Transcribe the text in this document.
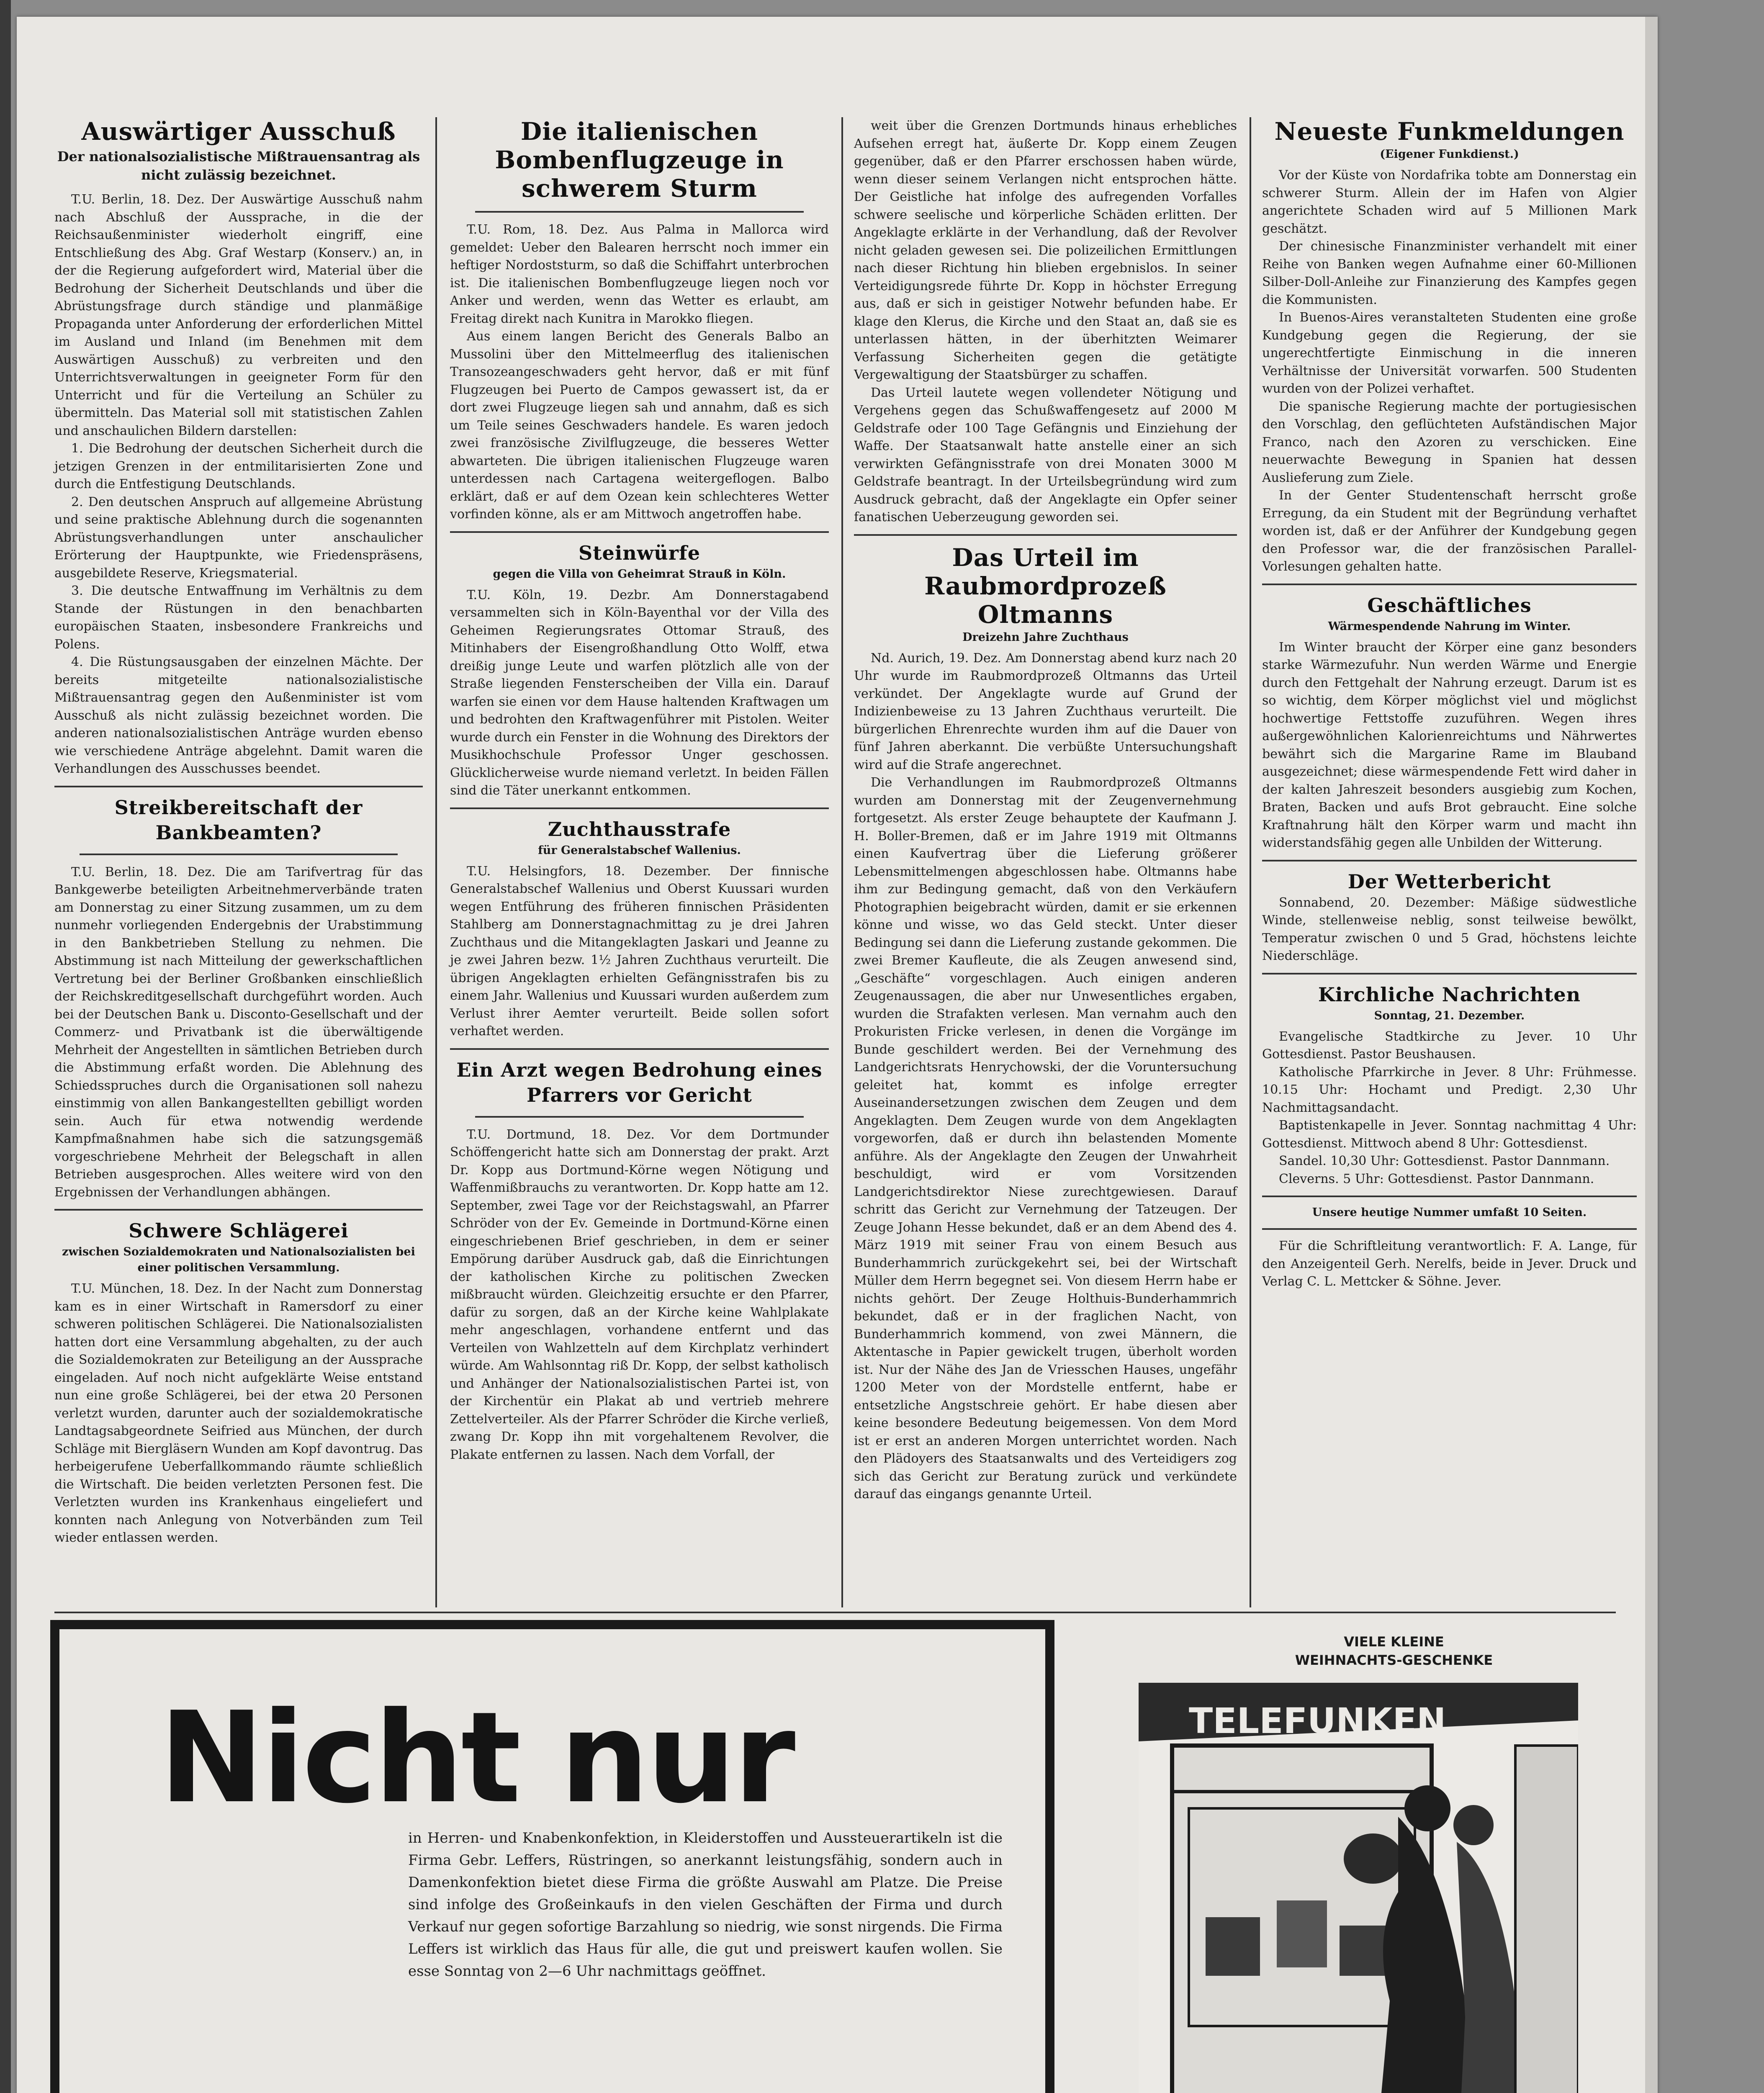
Auswärtiger Ausschuß
Der nationalsozialistische Mißtrauensantrag als nicht zulässig bezeichnet.

T.U. Berlin, 18. Dez. Der Auswärtige Ausschuß nahm nach Abschluß der Aussprache, in die der Reichsaußenminister wiederholt eingriff, eine Entschließung des Abg. Graf Westarp (Konserv.) an, in der die Regierung aufgefordert wird, Material über die Bedrohung der Sicherheit Deutschlands und über die Abrüstungsfrage durch ständige und planmäßige Propaganda unter Anforderung der erforderlichen Mittel im Ausland und Inland (im Benehmen mit dem Auswärtigen Ausschuß) zu verbreiten und den Unterrichtsverwaltungen in geeigneter Form für den Unterricht und für die Verteilung an Schüler zu übermitteln. Das Material soll mit statistischen Zahlen und anschaulichen Bildern darstellen:

1. Die Bedrohung der deutschen Sicherheit durch die jetzigen Grenzen in der entmilitarisierten Zone und durch die Entfestigung Deutschlands.

2. Den deutschen Anspruch auf allgemeine Abrüstung und seine praktische Ablehnung durch die sogenannten Abrüstungsverhandlungen unter anschaulicher Erörterung der Hauptpunkte, wie Friedenspräsens, ausgebildete Reserve, Kriegsmaterial.

3. Die deutsche Entwaffnung im Verhältnis zu dem Stande der Rüstungen in den benachbarten europäischen Staaten, insbesondere Frankreichs und Polens.

4. Die Rüstungsausgaben der einzelnen Mächte. Der bereits mitgeteilte nationalsozialistische Mißtrauensantrag gegen den Außenminister ist vom Ausschuß als nicht zulässig bezeichnet worden. Die anderen nationalsozialistischen Anträge wurden ebenso wie verschiedene Anträge abgelehnt. Damit waren die Verhandlungen des Ausschusses beendet.

Streikbereitschaft der Bankbeamten?

T.U. Berlin, 18. Dez. Die am Tarifvertrag für das Bankgewerbe beteiligten Arbeitnehmerverbände traten am Donnerstag zu einer Sitzung zusammen, um zu dem nunmehr vorliegenden Endergebnis der Urabstimmung in den Bankbetrieben Stellung zu nehmen. Die Abstimmung ist nach Mitteilung der gewerkschaftlichen Vertretung bei der Berliner Großbanken einschließlich der Reichskreditgesellschaft durchgeführt worden. Auch bei der Deutschen Bank u. Disconto-Gesellschaft und der Commerz- und Privatbank ist die überwältigende Mehrheit der Angestellten in sämtlichen Betrieben durch die Abstimmung erfaßt worden. Die Ablehnung des Schiedsspruches durch die Organisationen soll nahezu einstimmig von allen Bankangestellten gebilligt worden sein. Auch für etwa notwendig werdende Kampfmaßnahmen habe sich die satzungsgemäß vorgeschriebene Mehrheit der Belegschaft in allen Betrieben ausgesprochen. Alles weitere wird von den Ergebnissen der Verhandlungen abhängen.

Schwere Schlägerei
zwischen Sozialdemokraten und Nationalsozialisten bei einer politischen Versammlung.

T.U. München, 18. Dez. In der Nacht zum Donnerstag kam es in einer Wirtschaft in Ramersdorf zu einer schweren politischen Schlägerei. Die Nationalsozialisten hatten dort eine Versammlung abgehalten, zu der auch die Sozialdemokraten zur Beteiligung an der Aussprache eingeladen. Auf noch nicht aufgeklärte Weise entstand nun eine große Schlägerei, bei der etwa 20 Personen verletzt wurden, darunter auch der sozialdemokratische Landtagsabgeordnete Seifried aus München, der durch Schläge mit Biergläsern Wunden am Kopf davontrug. Das herbeigerufene Ueberfallkommando räumte schließlich die Wirtschaft. Die beiden verletzten Personen fest. Die Verletzten wurden ins Krankenhaus eingeliefert und konnten nach Anlegung von Notverbänden zum Teil wieder entlassen werden.

Die italienischen Bombenflugzeuge in schwerem Sturm

T.U. Rom, 18. Dez. Aus Palma in Mallorca wird gemeldet: Ueber den Balearen herrscht noch immer ein heftiger Nordoststurm, so daß die Schiffahrt unterbrochen ist. Die italienischen Bombenflugzeuge liegen noch vor Anker und werden, wenn das Wetter es erlaubt, am Freitag direkt nach Kunitra in Marokko fliegen.

Aus einem langen Bericht des Generals Balbo an Mussolini über den Mittelmeerflug des italienischen Transozeangeschwaders geht hervor, daß er mit fünf Flugzeugen bei Puerto de Campos gewassert ist, da er dort zwei Flugzeuge liegen sah und annahm, daß es sich um Teile seines Geschwaders handele. Es waren jedoch zwei französische Zivilflugzeuge, die besseres Wetter abwarteten. Die übrigen italienischen Flugzeuge waren unterdessen nach Cartagena weitergeflogen. Balbo erklärt, daß er auf dem Ozean kein schlechteres Wetter vorfinden könne, als er am Mittwoch angetroffen habe.

Steinwürfe
gegen die Villa von Geheimrat Strauß in Köln.

T.U. Köln, 19. Dezbr. Am Donnerstagabend versammelten sich in Köln-Bayenthal vor der Villa des Geheimen Regierungsrates Ottomar Strauß, des Mitinhabers der Eisengroßhandlung Otto Wolff, etwa dreißig junge Leute und warfen plötzlich alle von der Straße liegenden Fensterscheiben der Villa ein. Darauf warfen sie einen vor dem Hause haltenden Kraftwagen um und bedrohten den Kraftwagenführer mit Pistolen. Weiter wurde durch ein Fenster in die Wohnung des Direktors der Musikhochschule Professor Unger geschossen. Glücklicherweise wurde niemand verletzt. In beiden Fällen sind die Täter unerkannt entkommen.

Zuchthausstrafe
für Generalstabschef Wallenius.

T.U. Helsingfors, 18. Dezember. Der finnische Generalstabschef Wallenius und Oberst Kuussari wurden wegen Entführung des früheren finnischen Präsidenten Stahlberg am Donnerstagnachmittag zu je drei Jahren Zuchthaus und die Mitangeklagten Jaskari und Jeanne zu je zwei Jahren bezw. 1½ Jahren Zuchthaus verurteilt. Die übrigen Angeklagten erhielten Gefängnisstrafen bis zu einem Jahr. Wallenius und Kuussari wurden außerdem zum Verlust ihrer Aemter verurteilt. Beide sollen sofort verhaftet werden.

Ein Arzt wegen Bedrohung eines Pfarrers vor Gericht

T.U. Dortmund, 18. Dez. Vor dem Dortmunder Schöffengericht hatte sich am Donnerstag der prakt. Arzt Dr. Kopp aus Dortmund-Körne wegen Nötigung und Waffenmißbrauchs zu verantworten. Dr. Kopp hatte am 12. September, zwei Tage vor der Reichstagswahl, an Pfarrer Schröder von der Ev. Gemeinde in Dortmund-Körne einen eingeschriebenen Brief geschrieben, in dem er seiner Empörung darüber Ausdruck gab, daß die Einrichtungen der katholischen Kirche zu politischen Zwecken mißbraucht würden. Gleichzeitig ersuchte er den Pfarrer, dafür zu sorgen, daß an der Kirche keine Wahlplakate mehr angeschlagen, vorhandene entfernt und das Verteilen von Wahlzetteln auf dem Kirchplatz verhindert würde. Am Wahlsonntag riß Dr. Kopp, der selbst katholisch und Anhänger der Nationalsozialistischen Partei ist, von der Kirchentür ein Plakat ab und vertrieb mehrere Zettelverteiler. Als der Pfarrer Schröder die Kirche verließ, zwang Dr. Kopp ihn mit vorgehaltenem Revolver, die Plakate entfernen zu lassen. Nach dem Vorfall, der

weit über die Grenzen Dortmunds hinaus erhebliches Aufsehen erregt hat, äußerte Dr. Kopp einem Zeugen gegenüber, daß er den Pfarrer erschossen haben würde, wenn dieser seinem Verlangen nicht entsprochen hätte. Der Geistliche hat infolge des aufregenden Vorfalles schwere seelische und körperliche Schäden erlitten. Der Angeklagte erklärte in der Verhandlung, daß der Revolver nicht geladen gewesen sei. Die polizeilichen Ermittlungen nach dieser Richtung hin blieben ergebnislos. In seiner Verteidigungsrede führte Dr. Kopp in höchster Erregung aus, daß er sich in geistiger Notwehr befunden habe. Er klage den Klerus, die Kirche und den Staat an, daß sie es unterlassen hätten, in der überhitzten Weimarer Verfassung Sicherheiten gegen die getätigte Vergewaltigung der Staatsbürger zu schaffen.

Das Urteil lautete wegen vollendeter Nötigung und Vergehens gegen das Schußwaffengesetz auf 2000 M Geldstrafe oder 100 Tage Gefängnis und Einziehung der Waffe. Der Staatsanwalt hatte anstelle einer an sich verwirkten Gefängnisstrafe von drei Monaten 3000 M Geldstrafe beantragt. In der Urteilsbegründung wird zum Ausdruck gebracht, daß der Angeklagte ein Opfer seiner fanatischen Ueberzeugung geworden sei.

Das Urteil im Raubmordprozeß Oltmanns
Dreizehn Jahre Zuchthaus

Nd. Aurich, 19. Dez. Am Donnerstag abend kurz nach 20 Uhr wurde im Raubmordprozeß Oltmanns das Urteil verkündet. Der Angeklagte wurde auf Grund der Indizienbeweise zu 13 Jahren Zuchthaus verurteilt. Die bürgerlichen Ehrenrechte wurden ihm auf die Dauer von fünf Jahren aberkannt. Die verbüßte Untersuchungshaft wird auf die Strafe angerechnet.

Die Verhandlungen im Raubmordprozeß Oltmanns wurden am Donnerstag mit der Zeugenvernehmung fortgesetzt. Als erster Zeuge behauptete der Kaufmann J. H. Boller-Bremen, daß er im Jahre 1919 mit Oltmanns einen Kaufvertrag über die Lieferung größerer Lebensmittelmengen abgeschlossen habe. Oltmanns habe ihm zur Bedingung gemacht, daß von den Verkäufern Photographien beigebracht würden, damit er sie erkennen könne und wisse, wo das Geld steckt. Unter dieser Bedingung sei dann die Lieferung zustande gekommen. Die zwei Bremer Kaufleute, die als Zeugen anwesend sind, „Geschäfte“ vorgeschlagen. Auch einigen anderen Zeugenaussagen, die aber nur Unwesentliches ergaben, wurden die Strafakten verlesen. Man vernahm auch den Prokuristen Fricke verlesen, in denen die Vorgänge im Bunde geschildert werden. Bei der Vernehmung des Landgerichtsrats Henrychowski, der die Voruntersuchung geleitet hat, kommt es infolge erregter Auseinandersetzungen zwischen dem Zeugen und dem Angeklagten. Dem Zeugen wurde von dem Angeklagten vorgeworfen, daß er durch ihn belastenden Momente anführe. Als der Angeklagte den Zeugen der Unwahrheit beschuldigt, wird er vom Vorsitzenden Landgerichtsdirektor Niese zurechtgewiesen. Darauf schritt das Gericht zur Vernehmung der Tatzeugen. Der Zeuge Johann Hesse bekundet, daß er an dem Abend des 4. März 1919 mit seiner Frau von einem Besuch aus Bunderhammrich zurückgekehrt sei, bei der Wirtschaft Müller dem Herrn begegnet sei. Von diesem Herrn habe er nichts gehört. Der Zeuge Holthuis-Bunderhammrich bekundet, daß er in der fraglichen Nacht, von Bunderhammrich kommend, von zwei Männern, die Aktentasche in Papier gewickelt trugen, überholt worden ist. Nur der Nähe des Jan de Vriesschen Hauses, ungefähr 1200 Meter von der Mordstelle entfernt, habe er entsetzliche Angstschreie gehört. Er habe diesen aber keine besondere Bedeutung beigemessen. Von dem Mord ist er erst an anderen Morgen unterrichtet worden. Nach den Plädoyers des Staatsanwalts und des Verteidigers zog sich das Gericht zur Beratung zurück und verkündete darauf das eingangs genannte Urteil.

Neueste Funkmeldungen
(Eigener Funkdienst.)

Vor der Küste von Nordafrika tobte am Donnerstag ein schwerer Sturm. Allein der im Hafen von Algier angerichtete Schaden wird auf 5 Millionen Mark geschätzt.

Der chinesische Finanzminister verhandelt mit einer Reihe von Banken wegen Aufnahme einer 60-Millionen Silber-Doll-Anleihe zur Finanzierung des Kampfes gegen die Kommunisten.

In Buenos-Aires veranstalteten Studenten eine große Kundgebung gegen die Regierung, der sie ungerechtfertigte Einmischung in die inneren Verhältnisse der Universität vorwarfen. 500 Studenten wurden von der Polizei verhaftet.

Die spanische Regierung machte der portugiesischen den Vorschlag, den geflüchteten Aufständischen Major Franco, nach den Azoren zu verschicken. Eine neuerwachte Bewegung in Spanien hat dessen Auslieferung zum Ziele.

In der Genter Studentenschaft herrscht große Erregung, da ein Student mit der Begründung verhaftet worden ist, daß er der Anführer der Kundgebung gegen den Professor war, die der französischen Parallel-Vorlesungen gehalten hatte.

Geschäftliches
Wärmespendende Nahrung im Winter.

Im Winter braucht der Körper eine ganz besonders starke Wärmezufuhr. Nun werden Wärme und Energie durch den Fettgehalt der Nahrung erzeugt. Darum ist es so wichtig, dem Körper möglichst viel und möglichst hochwertige Fettstoffe zuzuführen. Wegen ihres außergewöhnlichen Kalorienreichtums und Nährwertes bewährt sich die Margarine Rame im Blauband ausgezeichnet; diese wärmespendende Fett wird daher in der kalten Jahreszeit besonders ausgiebig zum Kochen, Braten, Backen und aufs Brot gebraucht. Eine solche Kraftnahrung hält den Körper warm und macht ihn widerstandsfähig gegen alle Unbilden der Witterung.

Der Wetterbericht

Sonnabend, 20. Dezember: Mäßige südwestliche Winde, stellenweise neblig, sonst teilweise bewölkt, Temperatur zwischen 0 und 5 Grad, höchstens leichte Niederschläge.

Kirchliche Nachrichten
Sonntag, 21. Dezember.

Evangelische Stadtkirche zu Jever. 10 Uhr Gottesdienst. Pastor Beushausen.

Katholische Pfarrkirche in Jever. 8 Uhr: Frühmesse. 10.15 Uhr: Hochamt und Predigt. 2,30 Uhr Nachmittagsandacht.

Baptistenkapelle in Jever. Sonntag nachmittag 4 Uhr: Gottesdienst. Mittwoch abend 8 Uhr: Gottesdienst.

Sandel. 10,30 Uhr: Gottesdienst. Pastor Dannmann.

Cleverns. 5 Uhr: Gottesdienst. Pastor Dannmann.

Unsere heutige Nummer umfaßt 10 Seiten.

Für die Schriftleitung verantwortlich: F. A. Lange, für den Anzeigenteil Gerh. Nerelfs, beide in Jever. Druck und Verlag C. L. Mettcker & Söhne. Jever.

Nicht nur
in Herren- und Knabenkonfektion, in Kleiderstoffen und Aussteuerartikeln ist die Firma Gebr. Leffers, Rüstringen, so anerkannt leistungsfähig, sondern auch in Damenkonfektion bietet diese Firma die größte Auswahl am Platze. Die Preise sind infolge des Großeinkaufs in den vielen Geschäften der Firma und durch Verkauf nur gegen sofortige Barzahlung so niedrig, wie sonst nirgends. Die Firma Leffers ist wirklich das Haus für alle, die gut und preiswert kaufen wollen. Sie esse Sonntag von 2—6 Uhr nachmittags geöffnet.
VIELE KLEINE
WEIHNACHTS-GESCHENKE
TELEFUNKEN
